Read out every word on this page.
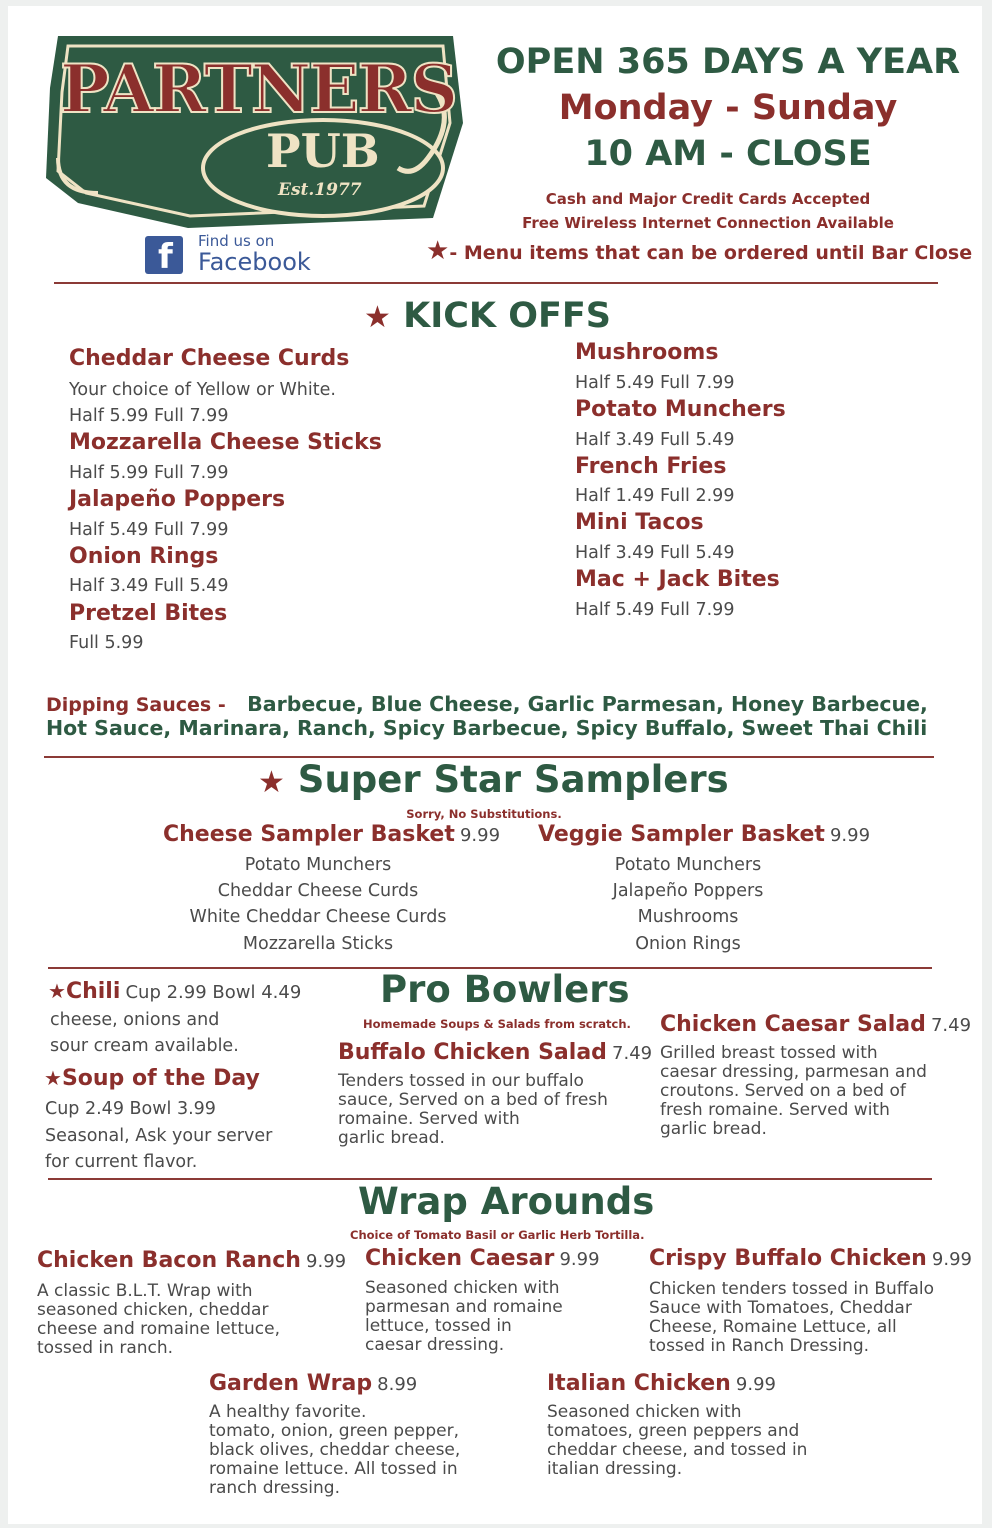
PARTNERS
PUB
Est.1977
f Find us on
Facebook
OPEN 365 DAYS A YEAR
Monday - Sunday
10 AM - CLOSE
Cash and Major Credit Cards Accepted
Free Wireless Internet Connection Available
★- Menu items that can be ordered until Bar Close
★ KICK OFFS
Cheddar Cheese Curds
Your choice of Yellow or White.
Half 5.99 Full 7.99
Mozzarella Cheese Sticks
Half 5.99 Full 7.99
Jalapeño Poppers
Half 5.49 Full 7.99
Onion Rings
Half 3.49 Full 5.49
Pretzel Bites
Full 5.99
Mushrooms
Half 5.49 Full 7.99
Potato Munchers
Half 3.49 Full 5.49
French Fries
Half 1.49 Full 2.99
Mini Tacos
Half 3.49 Full 5.49
Mac + Jack Bites
Half 5.49 Full 7.99
Dipping Sauces - Barbecue, Blue Cheese, Garlic Parmesan, Honey Barbecue,
Hot Sauce, Marinara, Ranch, Spicy Barbecue, Spicy Buffalo, Sweet Thai Chili
★ Super Star Samplers
Sorry, No Substitutions.
Cheese Sampler Basket 9.99
Potato Munchers
Cheddar Cheese Curds
White Cheddar Cheese Curds
Mozzarella Sticks
Veggie Sampler Basket 9.99
Potato Munchers
Jalapeño Poppers
Mushrooms
Onion Rings
Pro Bowlers
Homemade Soups & Salads from scratch.
★Chili Cup 2.99 Bowl 4.49
cheese, onions and
sour cream available.
★Soup of the Day
Cup 2.49 Bowl 3.99
Seasonal, Ask your server
for current flavor.
Buffalo Chicken Salad 7.49
Tenders tossed in our buffalo
sauce, Served on a bed of fresh
romaine. Served with
garlic bread.
Chicken Caesar Salad 7.49
Grilled breast tossed with
caesar dressing, parmesan and
croutons. Served on a bed of
fresh romaine. Served with
garlic bread.
Wrap Arounds
Choice of Tomato Basil or Garlic Herb Tortilla.
Chicken Bacon Ranch 9.99
A classic B.L.T. Wrap with
seasoned chicken, cheddar
cheese and romaine lettuce,
tossed in ranch.
Chicken Caesar 9.99
Seasoned chicken with
parmesan and romaine
lettuce, tossed in
caesar dressing.
Crispy Buffalo Chicken 9.99
Chicken tenders tossed in Buffalo
Sauce with Tomatoes, Cheddar
Cheese, Romaine Lettuce, all
tossed in Ranch Dressing.
Garden Wrap 8.99
A healthy favorite.
tomato, onion, green pepper,
black olives, cheddar cheese,
romaine lettuce. All tossed in
ranch dressing.
Italian Chicken 9.99
Seasoned chicken with
tomatoes, green peppers and
cheddar cheese, and tossed in
italian dressing.
